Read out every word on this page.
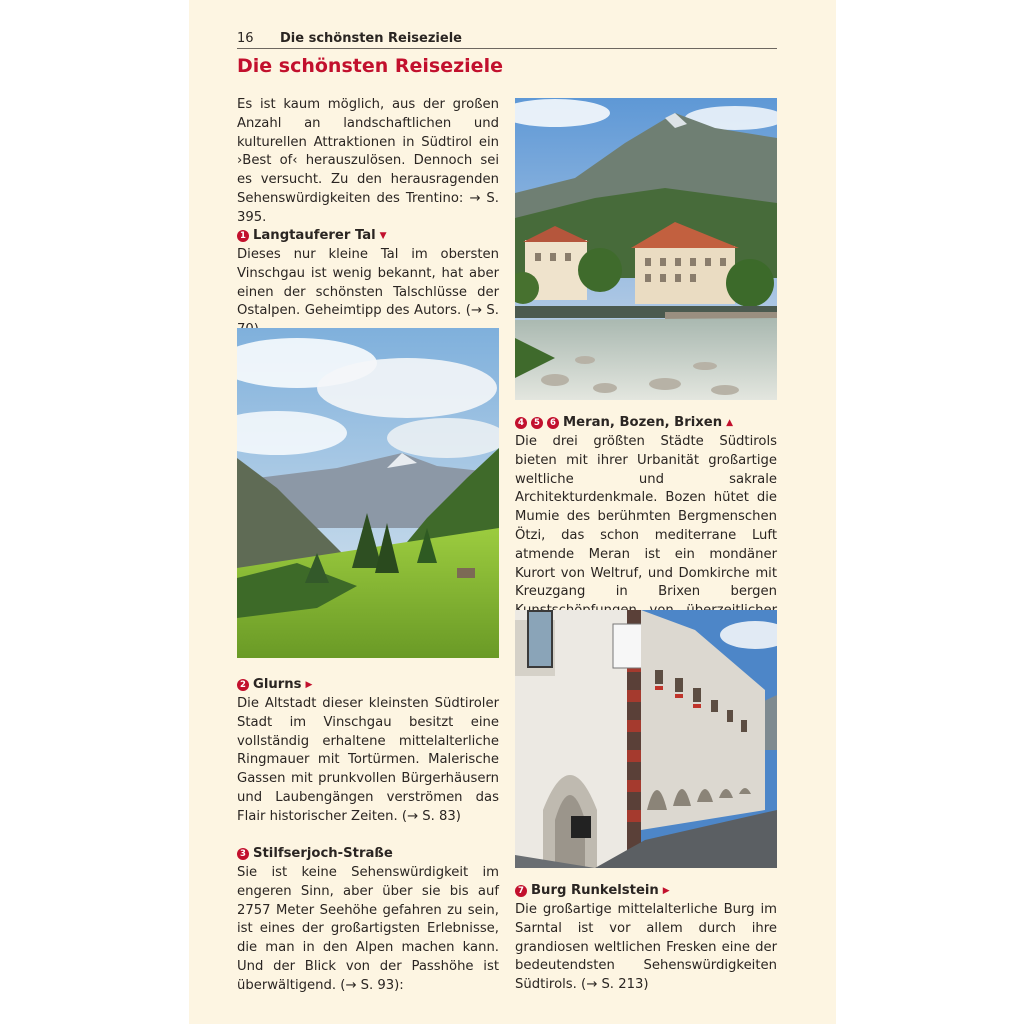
16 Die schönsten Reiseziele
Die schönsten Reiseziele
Es ist kaum möglich, aus der großen Anzahl an landschaftlichen und kulturellen Attraktionen in Südtirol ein ›Best of‹ herauszulösen. Dennoch sei es versucht. Zu den herausragenden Sehenswürdigkeiten des Trentino: → S. 395.
1 Langtauferer Tal ▼
Dieses nur kleine Tal im obersten Vinschgau ist wenig bekannt, hat aber einen der schönsten Talschlüsse der Ostalpen. Geheimtipp des Autors. (→ S.
2 Glurns ▶
Die Altstadt dieser kleinsten Südtiroler Stadt im Vinschgau besitzt eine vollständig erhaltene mittelalterliche Ringmauer mit Tortürmen. Malerische Gassen mit prunkvollen Bürgerhäusern und Laubengängen verströmen das Flair historischer Zeiten. (→ S. 83)
3 Stilfserjoch-Straße
Sie ist keine Sehenswürdigkeit im engeren Sinn, aber über sie bis auf 2757 Meter Seehöhe gefahren zu sein, ist eines der großartigsten Erlebnisse, die man in den Alpen machen kann. Und der Blick von der Passhöhe ist überwältigend. (→ S. 93):
4	5	6 Meran, Bozen, Brixen ▲
Die drei größten Städte Südtirols bieten mit ihrer Urbanität großartige weltliche und sakrale Architekturdenkmale. Bozen hütet die Mumie des berühmten Bergmenschen Ötzi, das schon mediterrane Luft atmende Meran ist ein mondäner Kurort von Weltruf, und Domkirche mit Kreuzgang in Brixen bergen
7 Burg Runkelstein ▶
Die großartige mittelalterliche Burg im Sarntal ist vor allem durch ihre grandiosen weltlichen Fresken eine der bedeutendsten Sehenswürdigkeiten Südtirols. (→ S. 213)
